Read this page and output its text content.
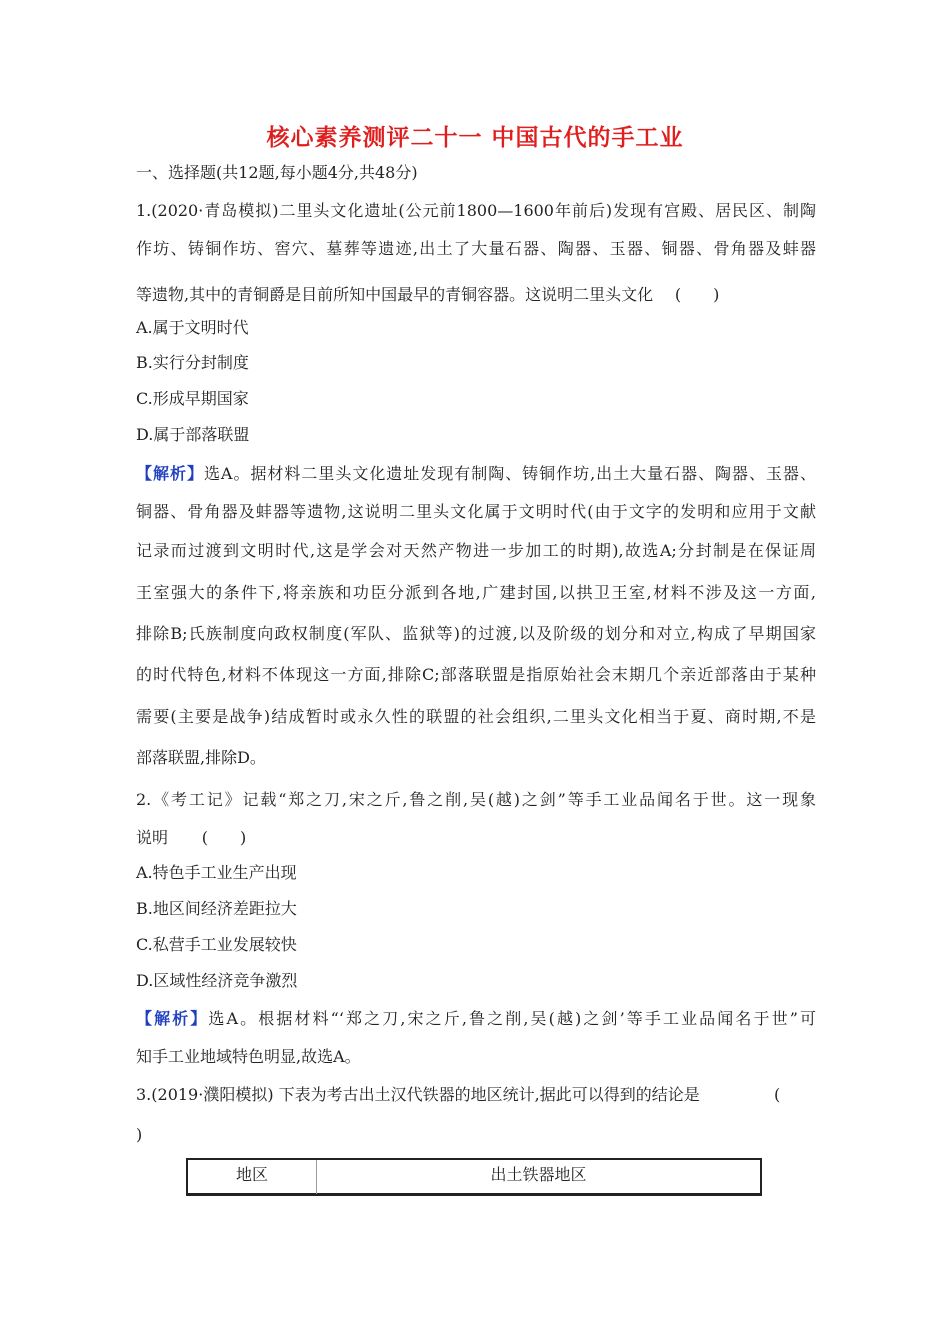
核心素养测评二十一 中国古代的手工业
一、选择题(共12题,每小题4分,共48分)
1.(2020·青岛模拟)二里头文化遗址(公元前1800—1600年前后)发现有宫殿、居民区、制陶
作坊、铸铜作坊、窖穴、墓葬等遗迹,出土了大量石器、陶器、玉器、铜器、骨角器及蚌器
等遗物,其中的青铜爵是目前所知中国最早的青铜容器。这说明二里头文化 (　　)
A.属于文明时代
B.实行分封制度
C.形成早期国家
D.属于部落联盟
【解析】选A。据材料二里头文化遗址发现有制陶、铸铜作坊,出土大量石器、陶器、玉器、
铜器、骨角器及蚌器等遗物,这说明二里头文化属于文明时代(由于文字的发明和应用于文献
记录而过渡到文明时代,这是学会对天然产物进一步加工的时期),故选A;分封制是在保证周
王室强大的条件下,将亲族和功臣分派到各地,广建封国,以拱卫王室,材料不涉及这一方面,
排除B;氏族制度向政权制度(军队、监狱等)的过渡,以及阶级的划分和对立,构成了早期国家
的时代特色,材料不体现这一方面,排除C;部落联盟是指原始社会末期几个亲近部落由于某种
需要(主要是战争)结成暂时或永久性的联盟的社会组织,二里头文化相当于夏、商时期,不是
部落联盟,排除D。
2.《考工记》记载“郑之刀,宋之斤,鲁之削,吴(越)之剑”等手工业品闻名于世。这一现象
说明 (　　)
A.特色手工业生产出现
B.地区间经济差距拉大
C.私营手工业发展较快
D.区域性经济竞争激烈
【解析】选A。根据材料“‘郑之刀,宋之斤,鲁之削,吴(越)之剑’等手工业品闻名于世”可
知手工业地域特色明显,故选A。
3.(2019·濮阳模拟) 下表为考古出土汉代铁器的地区统计,据此可以得到的结论是	(
)
地区	出土铁器地区
